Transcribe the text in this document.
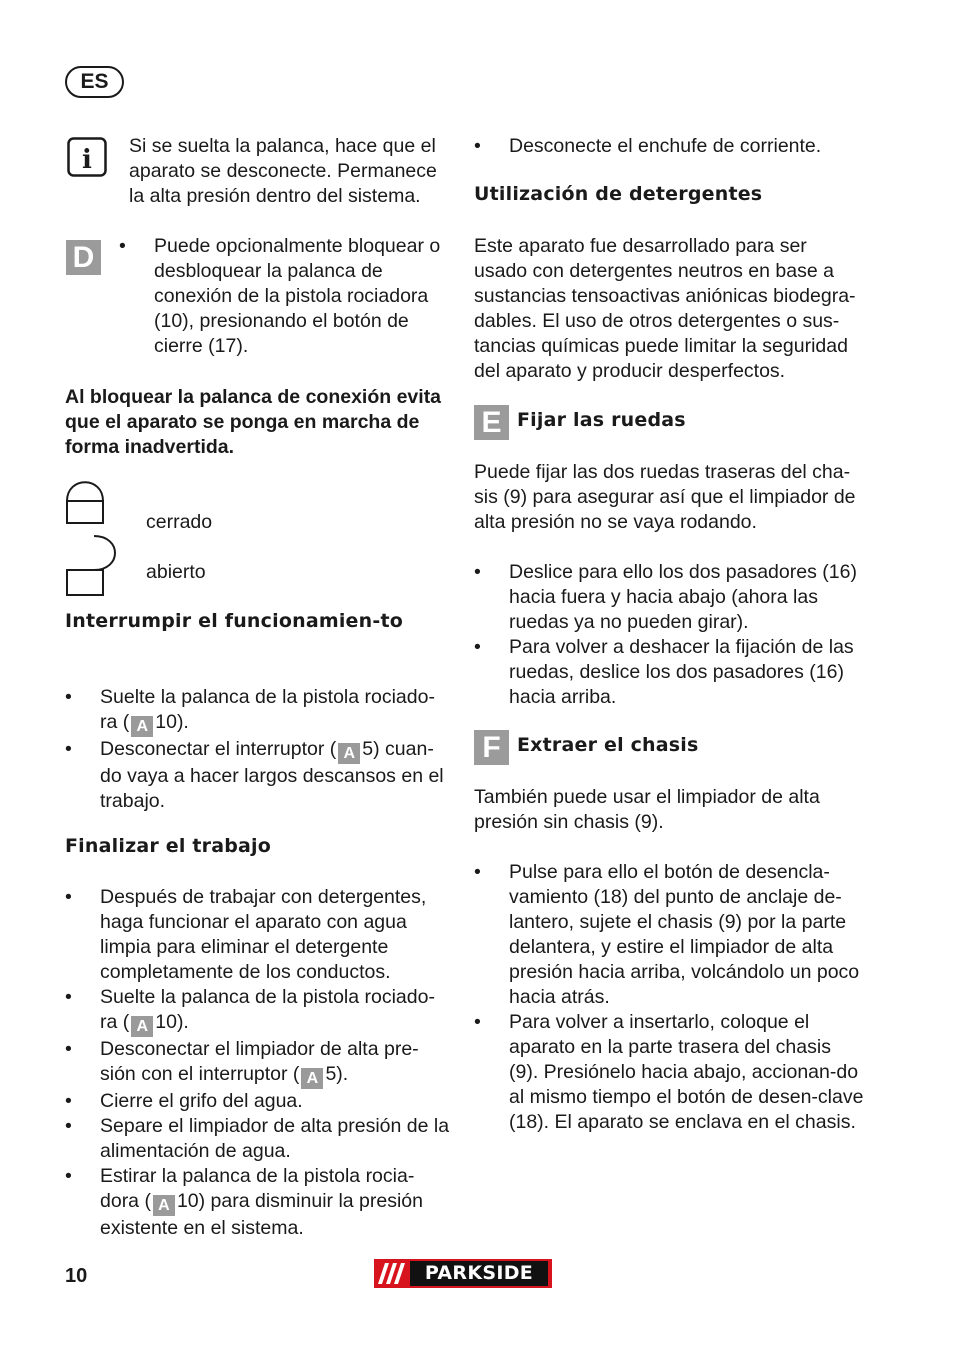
ES
i Si se suelta la palanca, hace que el aparato se desconecte. Permanece la alta presión dentro del sistema.
D
•	Puede opcionalmente bloquear o desbloquear la palanca de conexión de la pistola rociadora (10), presionando el botón de cierre (17).
Al bloquear la palanca de conexión evita que el aparato se ponga en marcha de forma inadvertida.
cerrado
abierto
Interrumpir el funcionamien-to
• Suelte la palanca de la pistola rociado-ra ( A 10).
• Desconectar el interruptor ( A 5) cuan-do vaya a hacer largos descansos en el trabajo.
Finalizar el trabajo
• Después de trabajar con detergentes, haga funcionar el aparato con agua limpia para eliminar el detergente completamente de los conductos.
• Suelte la palanca de la pistola rociado-ra ( A 10).
• Desconectar el limpiador de alta pre-sión con el interruptor ( A 5).
• Cierre el grifo del agua.
• Separe el limpiador de alta presión de la alimentación de agua.
• Estirar la palanca de la pistola rocia-dora ( A 10) para disminuir la presión existente en el sistema.
• Desconecte el enchufe de corriente.
Utilización de detergentes
Este aparato fue desarrollado para ser usado con detergentes neutros en base a sustancias tensoactivas aniónicas biodegra-dables. El uso de otros detergentes o sus-tancias químicas puede limitar la seguridad del aparato y producir desperfectos.
E Fijar las ruedas
Puede fijar las dos ruedas traseras del cha-sis (9) para asegurar así que el limpiador de alta presión no se vaya rodando.
• Deslice para ello los dos pasadores (16) hacia fuera y hacia abajo (ahora las ruedas ya no pueden girar).
• Para volver a deshacer la fijación de las ruedas, deslice los dos pasadores (16) hacia arriba.
F Extraer el chasis
También puede usar el limpiador de alta presión sin chasis (9).
• Pulse para ello el botón de desencla-vamiento (18) del punto de anclaje de-lantero, sujete el chasis (9) por la parte delantera, y estire el limpiador de alta presión hacia arriba, volcándolo un poco hacia atrás.
• Para volver a insertarlo, coloque el aparato en la parte trasera del chasis (9). Presiónelo hacia abajo, accionan-do al mismo tiempo el botón de desen-clave (18). El aparato se enclava en el chasis.
10	PARKSIDE
